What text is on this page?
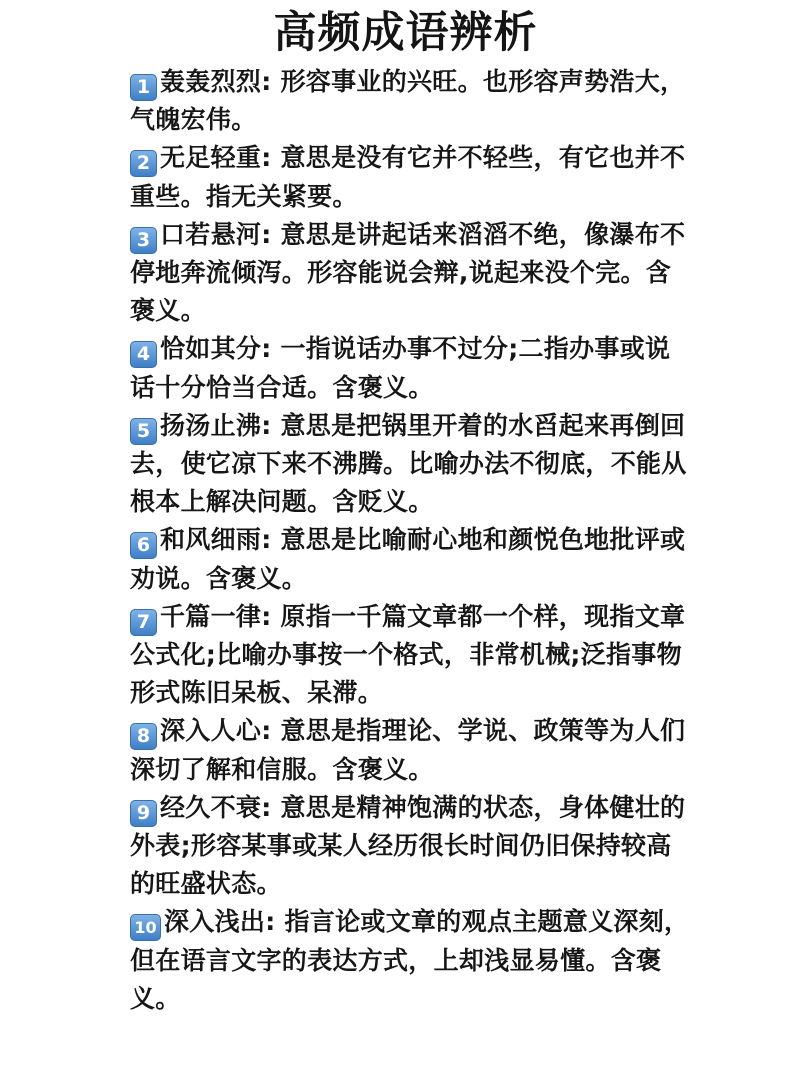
高频成语辨析
1 轰轰烈烈: 形容事业的兴旺。也形容声势浩大，气魄宏伟。
2 无足轻重: 意思是没有它并不轻些，有它也并不重些。指无关紧要。
3 口若悬河: 意思是讲起话来滔滔不绝，像瀑布不停地奔流倾泻。形容能说会辩,说起来没个完。含褒义。
4 恰如其分: 一指说话办事不过分;二指办事或说话十分恰当合适。含褒义。
5 扬汤止沸: 意思是把锅里开着的水舀起来再倒回去，使它凉下来不沸腾。比喻办法不彻底，不能从根本上解决问题。含贬义。
6 和风细雨: 意思是比喻耐心地和颜悦色地批评或劝说。含褒义。
7 千篇一律: 原指一千篇文章都一个样，现指文章公式化;比喻办事按一个格式，非常机械;泛指事物形式陈旧呆板、呆滞。
8 深入人心: 意思是指理论、学说、政策等为人们深切了解和信服。含褒义。
9 经久不衰: 意思是精神饱满的状态，身体健壮的外表;形容某事或某人经历很长时间仍旧保持较高的旺盛状态。
10 深入浅出: 指言论或文章的观点主题意义深刻，但在语言文字的表达方式，上却浅显易懂。含褒义。
